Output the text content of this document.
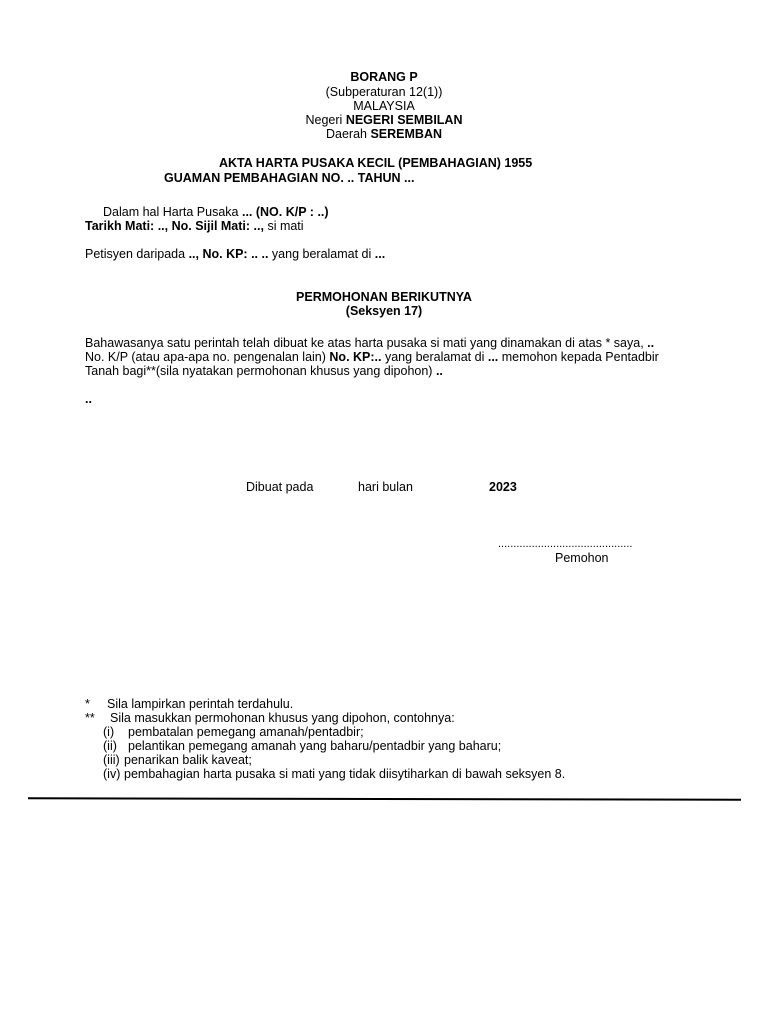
BORANG P
(Subperaturan 12(1))
MALAYSIA
Negeri NEGERI SEMBILAN
Daerah SEREMBAN
AKTA HARTA PUSAKA KECIL (PEMBAHAGIAN) 1955
GUAMAN PEMBAHAGIAN NO. .. TAHUN ...
Dalam hal Harta Pusaka ... (NO. K/P : ..)
Tarikh Mati: .., No. Sijil Mati: .., si mati
Petisyen daripada .., No. KP: .. .. yang beralamat di ...
PERMOHONAN BERIKUTNYA
(Seksyen 17)
Bahawasanya satu perintah telah dibuat ke atas harta pusaka si mati yang dinamakan di atas * saya, ..
No. K/P (atau apa-apa no. pengenalan lain) No. KP:.. yang beralamat di ... memohon kepada Pentadbir
Tanah bagi**(sila nyatakan permohonan khusus yang dipohon) ..
..
Dibuat pada	hari bulan	2023
............................................
Pemohon
* Sila lampirkan perintah terdahulu.
** Sila masukkan permohonan khusus yang dipohon, contohnya:
(i) pembatalan pemegang amanah/pentadbir;
(ii) pelantikan pemegang amanah yang baharu/pentadbir yang baharu;
(iii) penarikan balik kaveat;
(iv) pembahagian harta pusaka si mati yang tidak diisytiharkan di bawah seksyen 8.
